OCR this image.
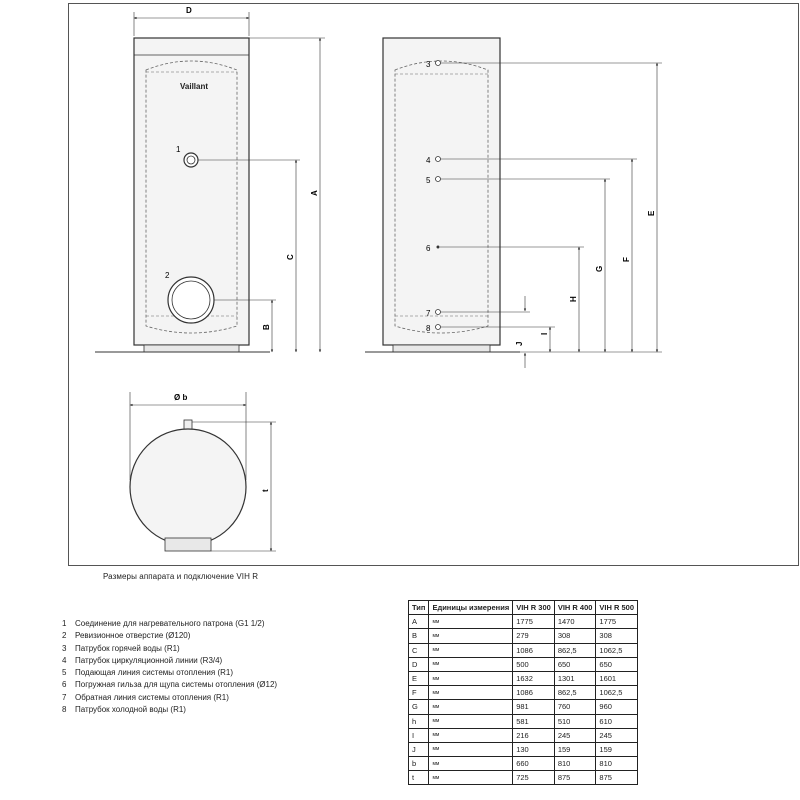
Vaillant
1
2
D
A
C
B
3
4
5
6
7
8
E
F
G
H
I
J
Ø b
t
Размеры аппарата и подключение VIH R
1 Соединение для нагревательного патрона (G1 1/2)
2 Ревизионное отверстие (Ø120)
3 Патрубок горячей воды (R1)
4 Патрубок циркуляционной линии (R3/4)
5 Подающая линия системы отопления (R1)
6 Погружная гильза для щупа системы отопления (Ø12)
7 Обратная линия системы отопления (R1)
8 Патрубок холодной воды (R1)
Тип	Единицы измерения	VIH R 300	VIH R 400	VIH R 500
A	мм	1775	1470	1775
B	мм	279	308	308
C	мм	1086	862,5	1062,5
D	мм	500	650	650
E	мм	1632	1301	1601
F	мм	1086	862,5	1062,5
G	мм	981	760	960
h	мм	581	510	610
I	мм	216	245	245
J	мм	130	159	159
b	мм	660	810	810
t	мм	725	875	875
